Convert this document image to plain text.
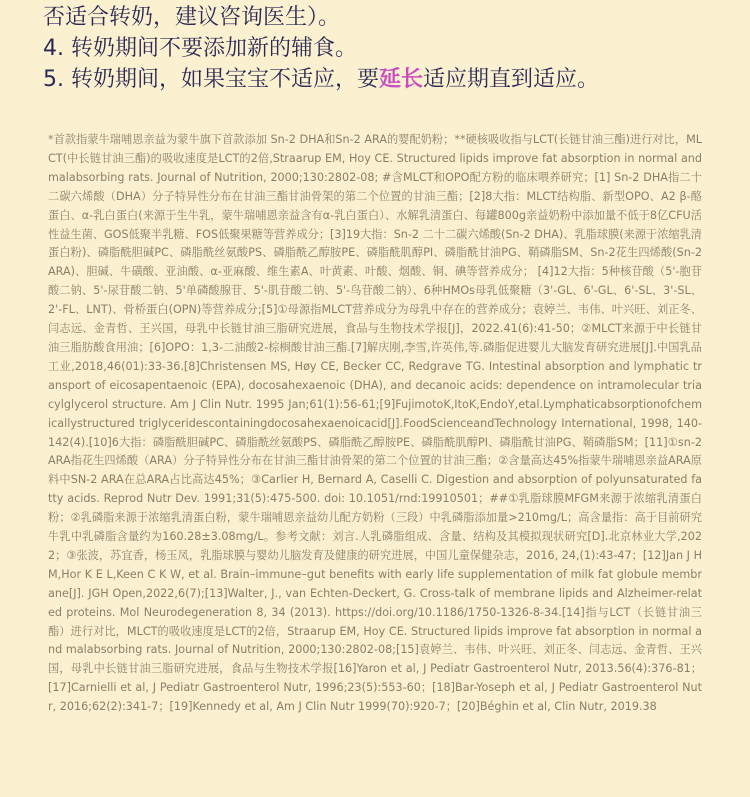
否适合转奶，建议咨询医生）。
4. 转奶期间不要添加新的辅食。
5. 转奶期间，如果宝宝不适应，要延长适应期直到适应。
*首款指蒙牛瑞哺恩亲益为蒙牛旗下首款添加 Sn-2 DHA和Sn-2 ARA的婴配奶粉；**硬核吸收指与LCT(长链甘油三酯)进行对比，MLCT(中长链甘油三酯)的吸收速度是LCT的2倍,Straarup EM, Hoy CE. Structured lipids improve fat absorption in normal and malabsorbing rats. Journal of Nutrition, 2000;130:2802-08; #含MLCT和OPO配方粉的临床喂养研究；[1] Sn-2 DHA指二十二碳六烯酸（DHA）分子特异性分布在甘油三酯甘油骨架的第二个位置的甘油三酯；[2]8大指：MLCT结构脂、新型OPO、A2 β-酪蛋白、α-乳白蛋白(来源于生牛乳，蒙牛瑞哺恩亲益含有α-乳白蛋白）、水解乳清蛋白、每罐800g亲益奶粉中添加量不低于8亿CFU活性益生菌、GOS低聚半乳糖、FOS低聚果糖等营养成分；[3]19大指：Sn-2 二十二碳六烯酸(Sn-2 DHA)、乳脂球膜(来源于浓缩乳清蛋白粉)、磷脂酰胆碱PC、磷脂酰丝氨酸PS、磷脂酰乙醇胺PE、磷脂酰肌醇PI、磷脂酰甘油PG、鞘磷脂SM、Sn-2花生四烯酸(Sn-2ARA)、胆碱、牛磺酸、亚油酸、α-亚麻酸、维生素A、叶黄素、叶酸、烟酸、铜、碘等营养成分； [4]12大指：5种核苷酸（5'-胞苷酸二钠、5'-尿苷酸二钠、5'单磷酸腺苷、5'-肌苷酸二钠、5'-鸟苷酸二钠）、6种HMOs母乳低聚糖（3'-GL、6'-GL、6'-SL、3'-SL、2'-FL、LNT)、骨桥蛋白(OPN)等营养成分;[5]①母源指MLCT营养成分为母乳中存在的营养成分；袁婷兰、韦伟、叶兴旺、刘正冬、闫志远、金青哲、王兴国，母乳中长链甘油三脂研究进展，食品与生物技术学报[J]，2022.41(6):41-50；②MLCT来源于中长链甘油三脂肪酸食用油；[6]OPO：1,3-二油酸2-棕榈酸甘油三酯.[7]解庆刚,李雪,许英伟,等.磷脂促进婴儿大脑发育研究进展[J].中国乳品工业,2018,46(01):33-36.[8]Christensen MS, Høy CE, Becker CC, Redgrave TG. Intestinal absorption and lymphatic transport of eicosapentaenoic (EPA), docosahexaenoic (DHA), and decanoic acids: dependence on intramolecular triacylglycerol structure. Am J Clin Nutr. 1995 Jan;61(1):56-61;[9]FujimotoK,ItoK,EndoY,etal.Lymphaticabsorptionofchemicallystructured triglyceridescontainingdocosahexaenoicacid[J].FoodScienceandTechnology International, 1998, 140-142(4).[10]6大指：磷脂酰胆碱PC、磷脂酰丝氨酸PS、磷脂酰乙醇胺PE、磷脂酰肌醇PI、磷脂酰甘油PG、鞘磷脂SM；[11]①sn-2 ARA指花生四烯酸（ARA）分子特异性分布在甘油三酯甘油骨架的第二个位置的甘油三酯；②含量高达45%指蒙牛瑞哺恩亲益ARA原料中SN-2 ARA在总ARA占比高达45%；③Carlier H, Bernard A, Caselli C. Digestion and absorption of polyunsaturated fatty acids. Reprod Nutr Dev. 1991;31(5):475-500. doi: 10.1051/rnd:19910501；##①乳脂球膜MFGM来源于浓缩乳清蛋白粉；②乳磷脂来源于浓缩乳清蛋白粉，蒙牛瑞哺恩亲益幼儿配方奶粉（三段）中乳磷脂添加量>210mg/L；高含量指：高于目前研究牛乳中乳磷脂含量约为160.28±3.08mg/L。参考文献：刘言.人乳磷脂组成、含量、结构及其模拟现状研究[D].北京林业大学,2022；③张波，苏宜香，杨玉凤，乳脂球膜与婴幼儿脑发育及健康的研究进展，中国儿童保健杂志，2016, 24,(1):43-47；[12]Jan J H M,Hor K E L,Keen C K W, et al. Brain–immune–gut benefits with early life supplementation of milk fat globule membrane[J]. JGH Open,2022,6(7);[13]Walter, J., van Echten-Deckert, G. Cross-talk of membrane lipids and Alzheimer-related proteins. Mol Neurodegeneration 8, 34 (2013). https://doi.org/10.1186/1750-1326-8-34.[14]指与LCT（长链甘油三酯）进行对比，MLCT的吸收速度是LCT的2倍，Straarup EM, Hoy CE. Structured lipids improve fat absorption in normal and malabsorbing rats. Journal of Nutrition, 2000;130:2802-08;[15]袁婷兰、韦伟、叶兴旺、刘正冬、闫志远、金青哲、王兴国，母乳中长链甘油三脂研究进展，食品与生物技术学报[16]Yaron et al, J Pediatr Gastroenterol Nutr, 2013.56(4):376-81；[17]Carnielli et al, J Pediatr Gastroenterol Nutr, 1996;23(5):553-60；[18]Bar-Yoseph et al, J Pediatr Gastroenterol Nutr, 2016;62(2):341-7；[19]Kennedy et al, Am J Clin Nutr 1999(70):920-7；[20]Béghin et al, Clin Nutr, 2019.38
